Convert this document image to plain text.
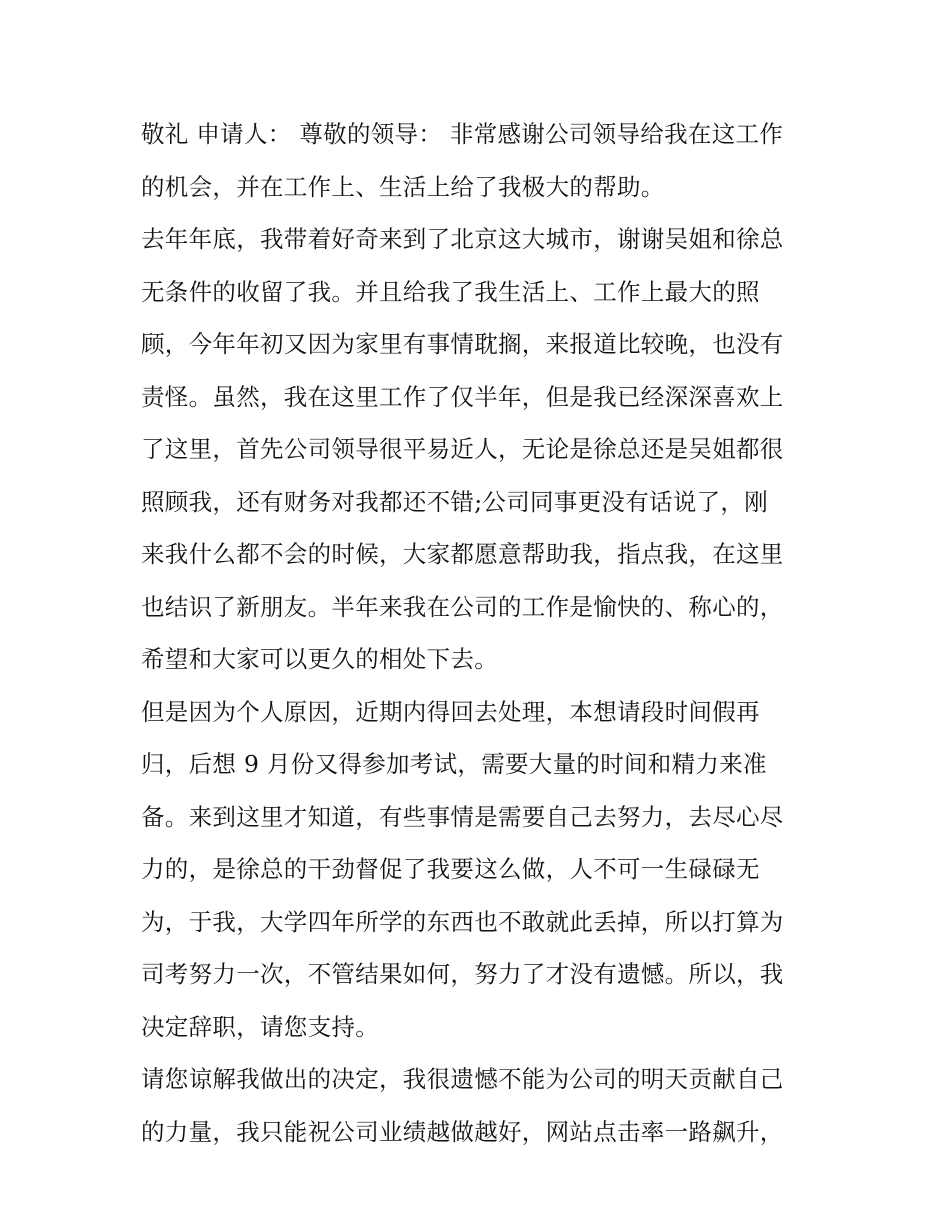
敬礼 申请人： 尊敬的领导： 非常感谢公司领导给我在这工作
的机会，并在工作上、生活上给了我极大的帮助。
去年年底，我带着好奇来到了北京这大城市，谢谢吴姐和徐总
无条件的收留了我。并且给我了我生活上、工作上最大的照
顾，今年年初又因为家里有事情耽搁，来报道比较晚，也没有
责怪。虽然，我在这里工作了仅半年，但是我已经深深喜欢上
了这里，首先公司领导很平易近人，无论是徐总还是吴姐都很
照顾我，还有财务对我都还不错;公司同事更没有话说了，刚
来我什么都不会的时候，大家都愿意帮助我，指点我，在这里
也结识了新朋友。半年来我在公司的工作是愉快的、称心的，
希望和大家可以更久的相处下去。
但是因为个人原因，近期内得回去处理，本想请段时间假再
归，后想 9 月份又得参加考试，需要大量的时间和精力来准
备。来到这里才知道，有些事情是需要自己去努力，去尽心尽
力的，是徐总的干劲督促了我要这么做，人不可一生碌碌无
为，于我，大学四年所学的东西也不敢就此丢掉，所以打算为
司考努力一次，不管结果如何，努力了才没有遗憾。所以，我
决定辞职，请您支持。
请您谅解我做出的决定，我很遗憾不能为公司的明天贡献自己
的力量，我只能祝公司业绩越做越好，网站点击率一路飙升，
